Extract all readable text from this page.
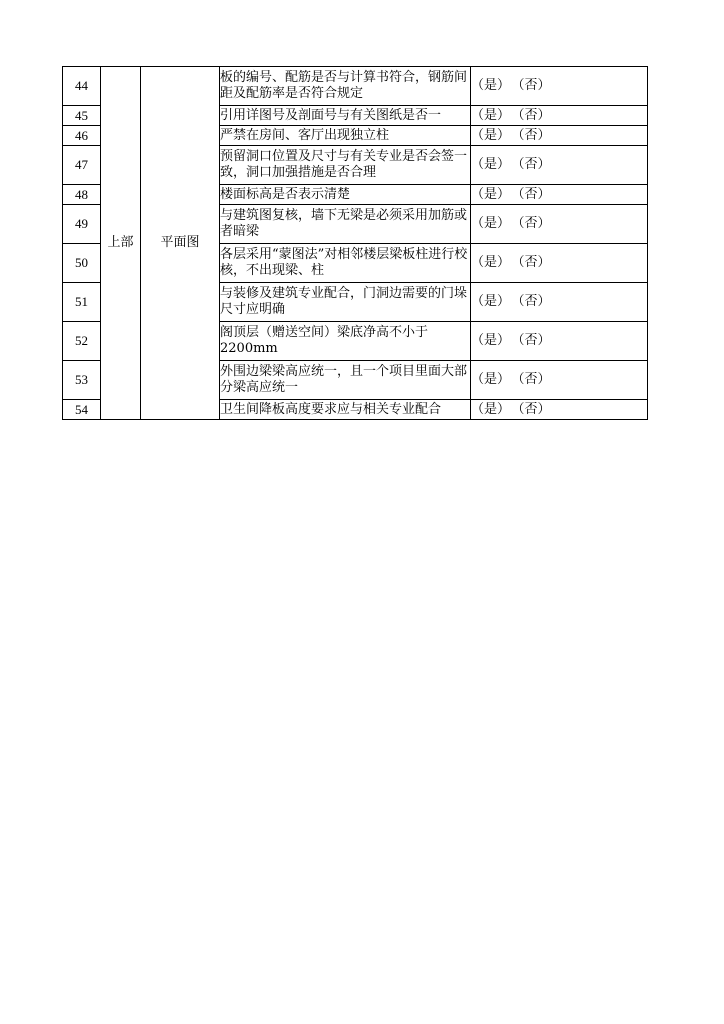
44	上部	平面图	板的编号、配筋是否与计算书符合，钢筋间距及配筋率是否符合规定	（是） （否）
45			引用详图号及剖面号与有关图纸是否一	（是） （否）
46			严禁在房间、客厅出现独立柱	（是） （否）
47			预留洞口位置及尺寸与有关专业是否会签一致，洞口加强措施是否合理	（是） （否）
48			楼面标高是否表示清楚	（是） （否）
49			与建筑图复核，墙下无梁是必须采用加筋或者暗梁	（是） （否）
50			各层采用“蒙图法”对相邻楼层梁板柱进行校核，不出现梁、柱	（是） （否）
51			与装修及建筑专业配合，门洞边需要的门垛尺寸应明确	（是） （否）
52			阁顶层（赠送空间）梁底净高不小于2200mm	（是） （否）
53			外围边梁梁高应统一，且一个项目里面大部分梁高应统一	（是） （否）
54			卫生间降板高度要求应与相关专业配合	（是） （否）
